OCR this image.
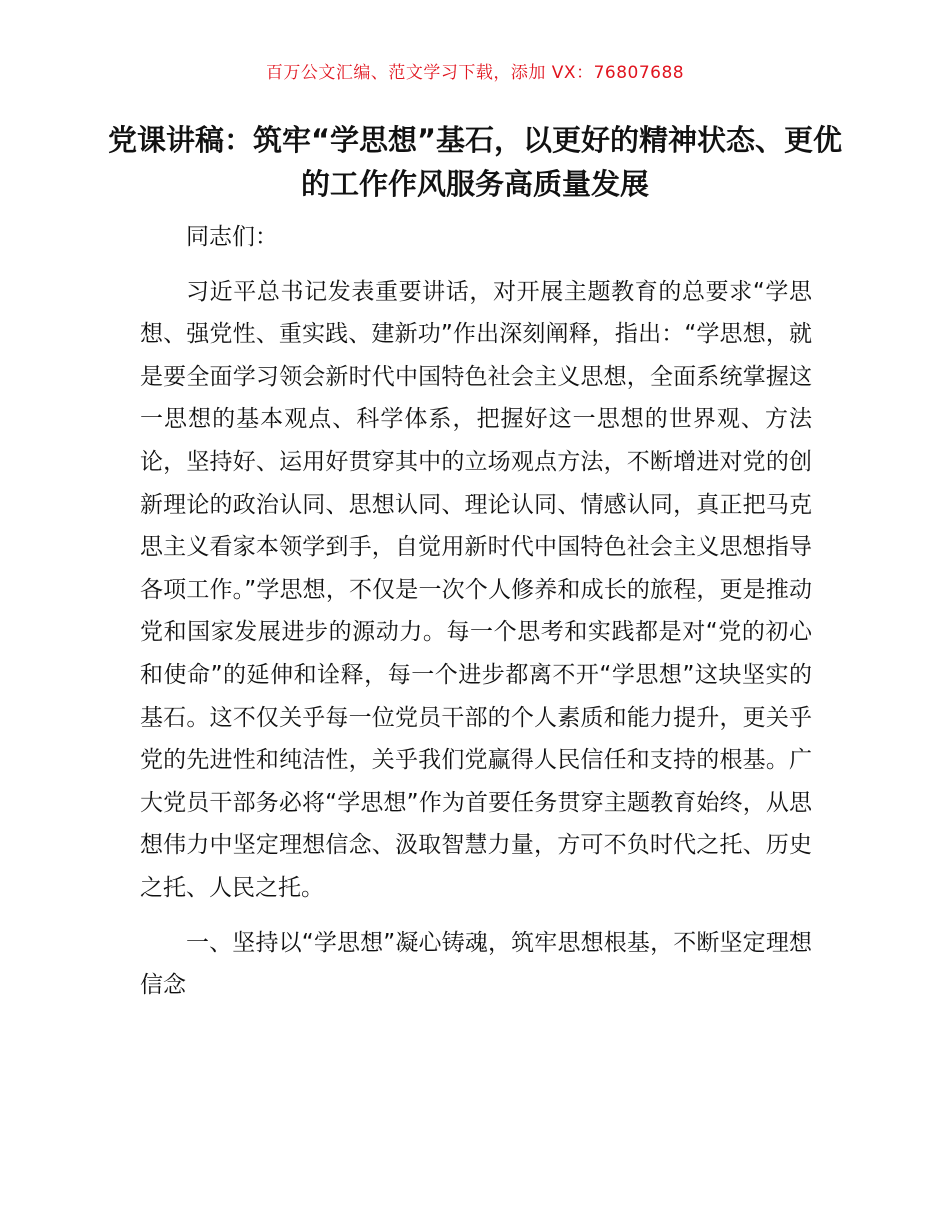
百万公文汇编、范文学习下载，添加 VX：76807688
党课讲稿：筑牢“学思想”基石，以更好的精神状态、更优的工作作风服务高质量发展

同志们：

习近平总书记发表重要讲话，对开展主题教育的总要求“学思想、强党性、重实践、建新功”作出深刻阐释，指出：“学思想，就是要全面学习领会新时代中国特色社会主义思想，全面系统掌握这一思想的基本观点、科学体系，把握好这一思想的世界观、方法论，坚持好、运用好贯穿其中的立场观点方法，不断增进对党的创新理论的政治认同、思想认同、理论认同、情感认同，真正把马克思主义看家本领学到手，自觉用新时代中国特色社会主义思想指导各项工作。”学思想，不仅是一次个人修养和成长的旅程，更是推动党和国家发展进步的源动力。每一个思考和实践都是对“党的初心和使命”的延伸和诠释，每一个进步都离不开“学思想”这块坚实的基石。这不仅关乎每一位党员干部的个人素质和能力提升，更关乎党的先进性和纯洁性，关乎我们党赢得人民信任和支持的根基。广大党员干部务必将“学思想”作为首要任务贯穿主题教育始终，从思想伟力中坚定理想信念、汲取智慧力量，方可不负时代之托、历史之托、人民之托。

一、坚持以“学思想”凝心铸魂，筑牢思想根基，不断坚定理想信念
